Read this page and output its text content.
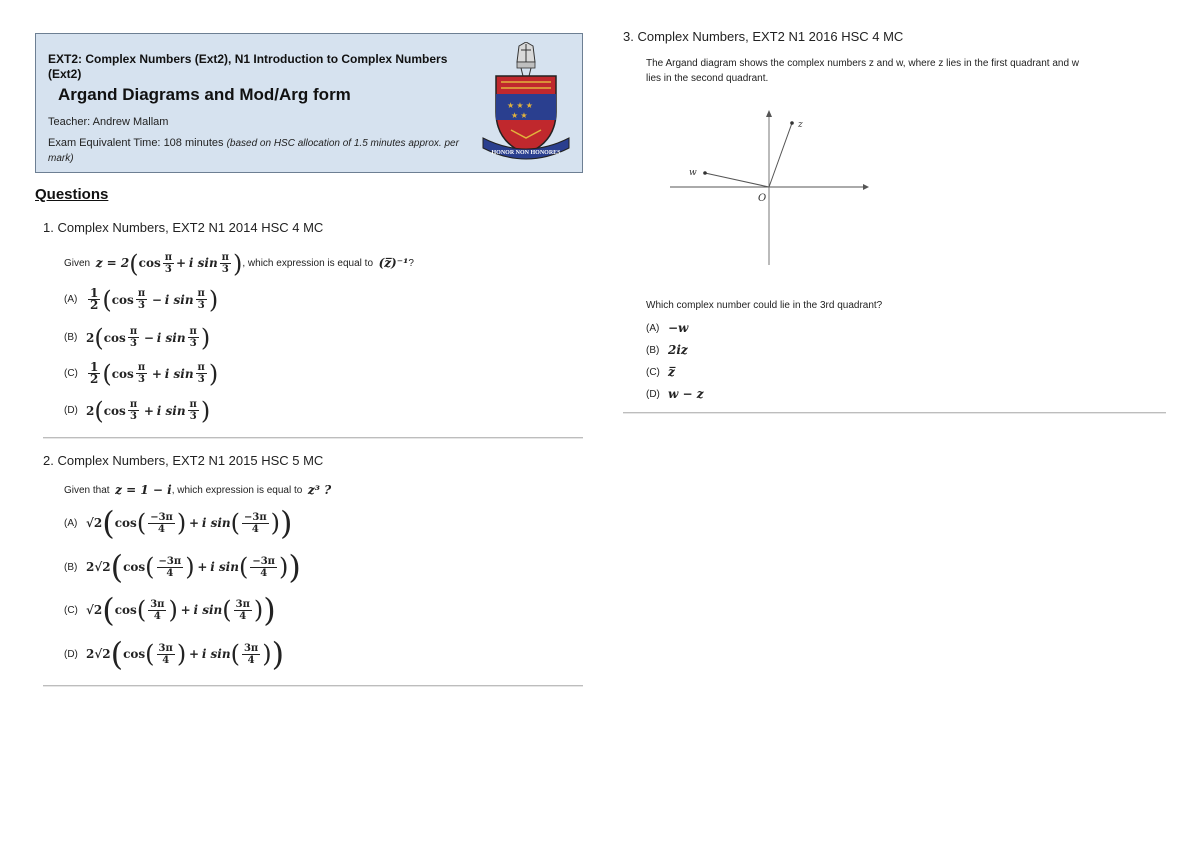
EXT2: Complex Numbers (Ext2), N1 Introduction to Complex Numbers (Ext2)
Argand Diagrams and Mod/Arg form
Teacher: Andrew Mallam
Exam Equivalent Time: 108 minutes (based on HSC allocation of 1.5 minutes approx. per mark)
★ ★ ★
★ ★
HONOR NON HONORES
Questions
1. Complex Numbers, EXT2 N1 2014 HSC 4 MC
Given
z = 2 ( $\cos \frac{\pi}{3}$ +
i $\sin \frac{\pi}{3}$ ) , which expression is equal to
(z̅)⁻¹ ?
$(A) \frac{1}{2}$ ( $\cos \frac{\pi}{3}$
−
i $\sin \frac{\pi}{3}$ )
(B) 2 ( $\cos \frac{\pi}{3}$
−
i $\sin \frac{\pi}{3}$ )
$(C) \frac{1}{2}$ ( $\cos \frac{\pi}{3}$
+
i $\sin \frac{\pi}{3}$ )
(D) 2 ( $\cos \frac{\pi}{3}$
+
i $\sin \frac{\pi}{3}$ )
2. Complex Numbers, EXT2 N1 2015 HSC 5 MC
Given that
z = 1 − i , which expression is equal to
z³ ?
(A) √2 ( cos ( $\frac{-3\pi}{4}$ )
+
i sin ( $\frac{-3\pi}{4}$ ) )
(B) 2√2 ( cos ( $\frac{-3\pi}{4}$ )
+
i sin ( $\frac{-3\pi}{4}$ ) )
(C) √2 ( cos ( $\frac{3\pi}{4}$ )
+
i sin ( $\frac{3\pi}{4}$ ) )
(D) 2√2 ( cos ( $\frac{3\pi}{4}$ )
+
i sin ( $\frac{3\pi}{4}$ ) )
3. Complex Numbers, EXT2 N1 2016 HSC 4 MC
The Argand diagram shows the complex numbers z and w, where z lies in the first quadrant and w
lies in the second quadrant.
z
w
O
Which complex number could lie in the 3rd quadrant?
(A) −w
(B) 2iz
(C) z̅
(D) w − z
